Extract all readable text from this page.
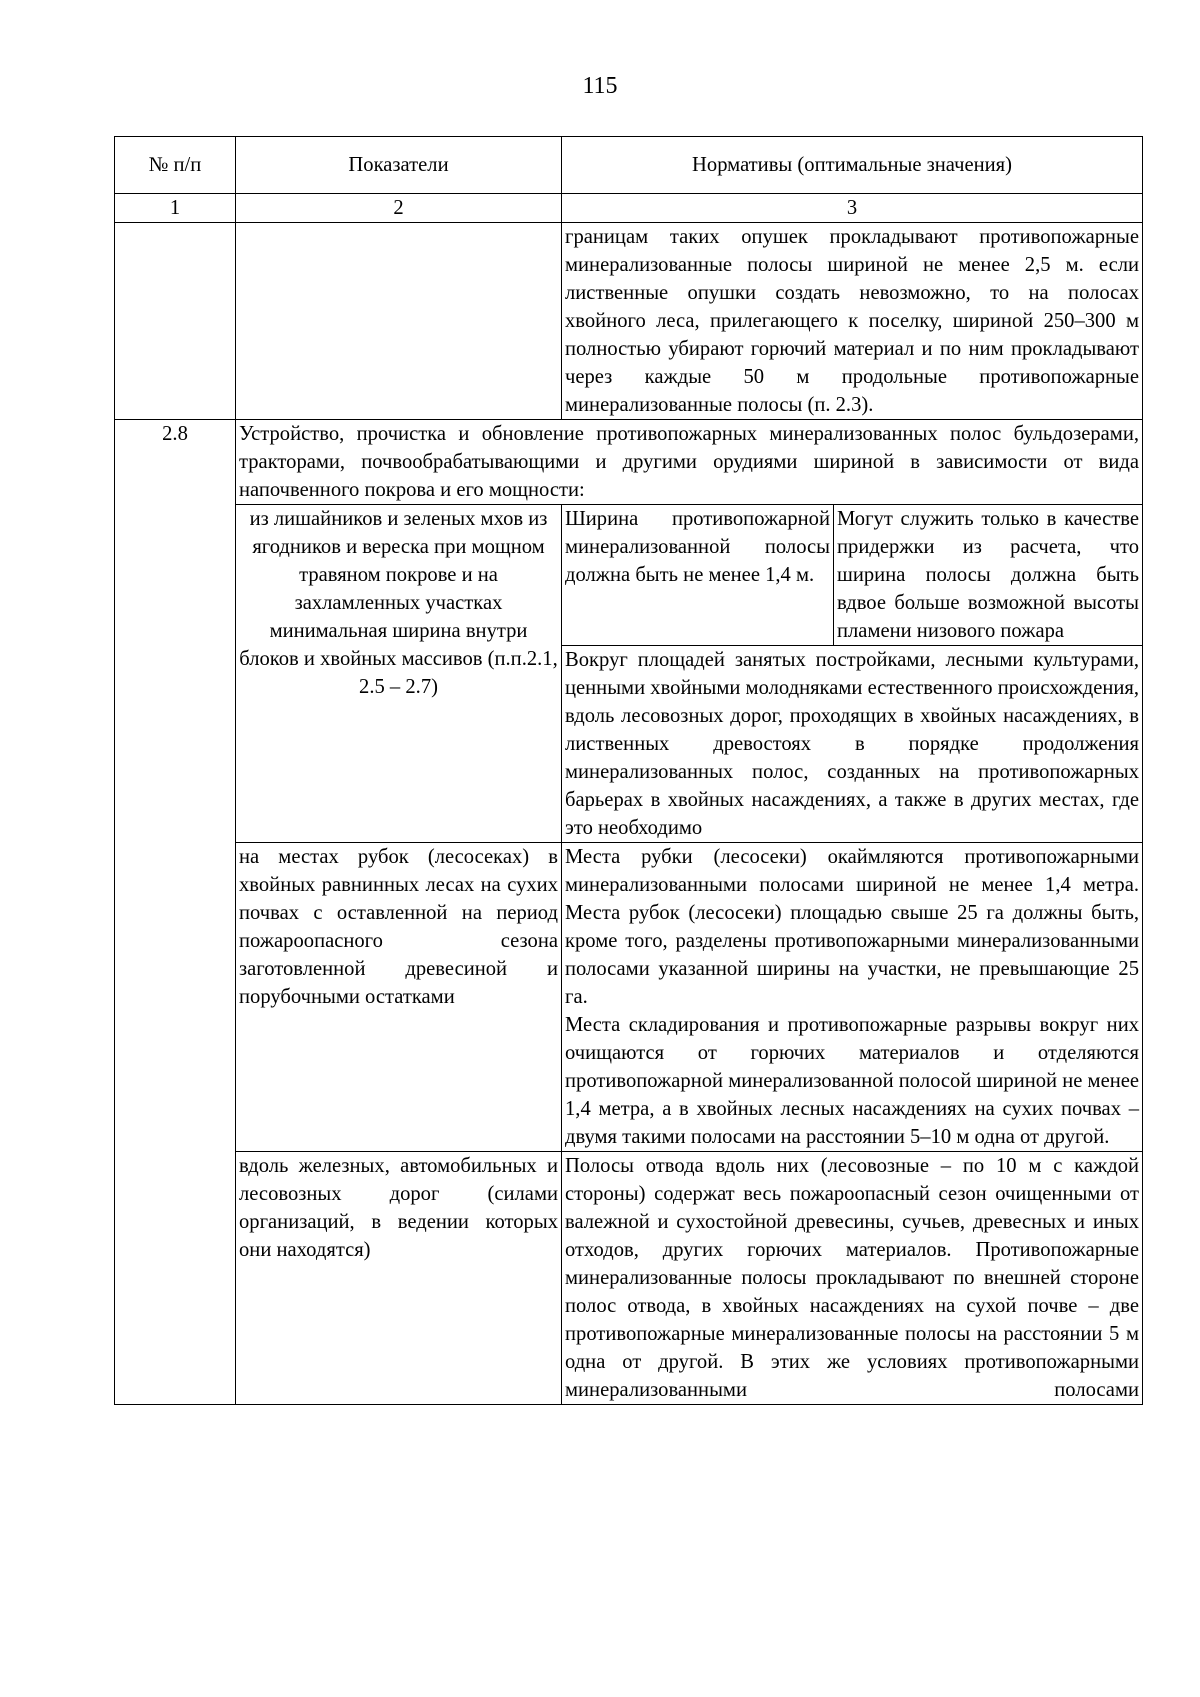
115
№ п/п	Показатели	Нормативы (оптимальные значения)	
1	2	3	
		границам таких опушек прокладывают противопожарные минерализованные полосы шириной не менее 2,5 м. если лиственные опушки создать невозможно, то на полосах хвойного леса, прилегающего к поселку, шириной 250–300 м полностью убирают горючий материал и по ним прокладывают через каждые 50 м продольные противопожарные минерализованные полосы (п. 2.3).	
2.8	Устройство, прочистка и обновление противопожарных минерализованных полос бульдозерами, тракторами, почвообрабатывающими и другими орудиями шириной в зависимости от вида напочвенного покрова и его мощности:		
	из лишайников и зеленых мхов из ягодников и вереска при мощном травяном покрове и на захламленных участках минимальная ширина внутри блоков и хвойных массивов (п.п.2.1, 2.5 – 2.7)	Ширина противопожарной минерализованной полосы должна быть не менее 1,4 м.	Могут служить только в качестве придержки из расчета, что ширина полосы должна быть вдвое больше возможной высоты пламени низового пожара
		Вокруг площадей занятых постройками, лесными культурами, ценными хвойными молодняками естественного происхождения, вдоль лесовозных дорог, проходящих в хвойных насаждениях, в лиственных древостоях в порядке продолжения минерализованных полос, созданных на противопожарных барьерах в хвойных насаждениях, а также в других местах, где это необходимо	
	на местах рубок (лесосеках) в хвойных равнинных лесах на сухих почвах с оставленной на период пожароопасного сезона заготовленной древесиной и порубочными остатками	Места рубки (лесосеки) окаймляются противопожарными минерализованными полосами шириной не менее 1,4 метра. Места рубок (лесосеки) площадью свыше 25 га должны быть, кроме того, разделены противопожарными минерализованными полосами указанной ширины на участки, не превышающие 25 га.
Места складирования и противопожарные разрывы вокруг них очищаются от горючих материалов и отделяются противопожарной минерализованной полосой шириной не менее 1,4 метра, а в хвойных лесных насаждениях на сухих почвах – двумя такими полосами на расстоянии 5–10 м одна от другой.	

	вдоль железных, автомобильных и лесовозных дорог (силами организаций, в ведении которых они находятся)	Полосы отвода вдоль них (лесовозные – по 10 м с каждой стороны) содержат весь пожароопасный сезон очищенными от валежной и сухостойной древесины, сучьев, древесных и иных отходов, других горючих материалов. Противопожарные минерализованные полосы прокладывают по внешней стороне полос отвода, в хвойных насаждениях на сухой почве – две противопожарные минерализованные полосы на расстоянии 5 м одна от другой. В этих же условиях противопожарными минерализованными полосами	
